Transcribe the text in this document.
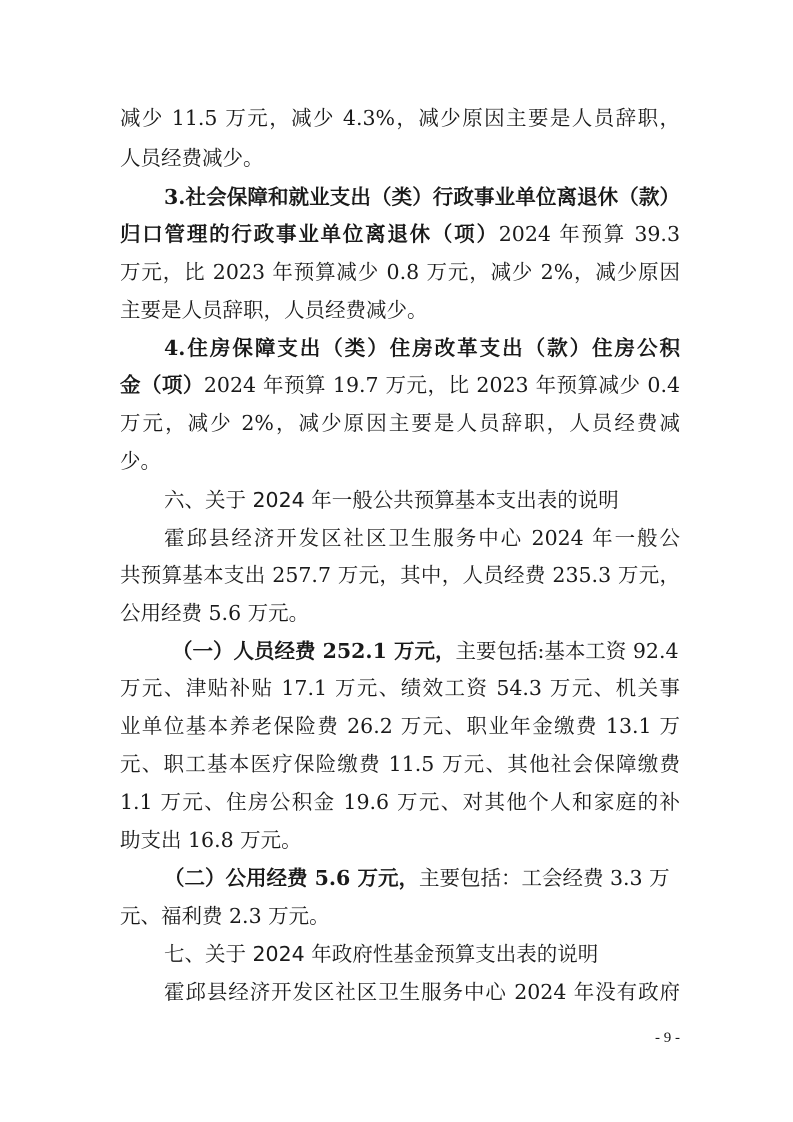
减少 11.5 万元，减少 4.3%，减少原因主要是人员辞职，
人员经费减少。
3.社会保障和就业支出（类）行政事业单位离退休（款）
归口管理的行政事业单位离退休（项）2024 年预算 39.3
万元，比 2023 年预算减少 0.8 万元，减少 2%，减少原因
主要是人员辞职，人员经费减少。
4.住房保障支出（类）住房改革支出（款）住房公积
金（项）2024 年预算 19.7 万元，比 2023 年预算减少 0.4
万元，减少 2%，减少原因主要是人员辞职，人员经费减
少。
六、关于 2024 年一般公共预算基本支出表的说明
霍邱县经济开发区社区卫生服务中心 2024 年一般公
共预算基本支出 257.7 万元，其中，人员经费 235.3 万元，
公用经费 5.6 万元。
（一）人员经费 252.1 万元，主要包括:基本工资 92.4
万元、津贴补贴 17.1 万元、绩效工资 54.3 万元、机关事
业单位基本养老保险费 26.2 万元、职业年金缴费 13.1 万
元、职工基本医疗保险缴费 11.5 万元、其他社会保障缴费
1.1 万元、住房公积金 19.6 万元、对其他个人和家庭的补
助支出 16.8 万元。
（二）公用经费 5.6 万元，主要包括：工会经费 3.3 万
元、福利费 2.3 万元。
七、关于 2024 年政府性基金预算支出表的说明
霍邱县经济开发区社区卫生服务中心 2024 年没有政府
- 9 -
